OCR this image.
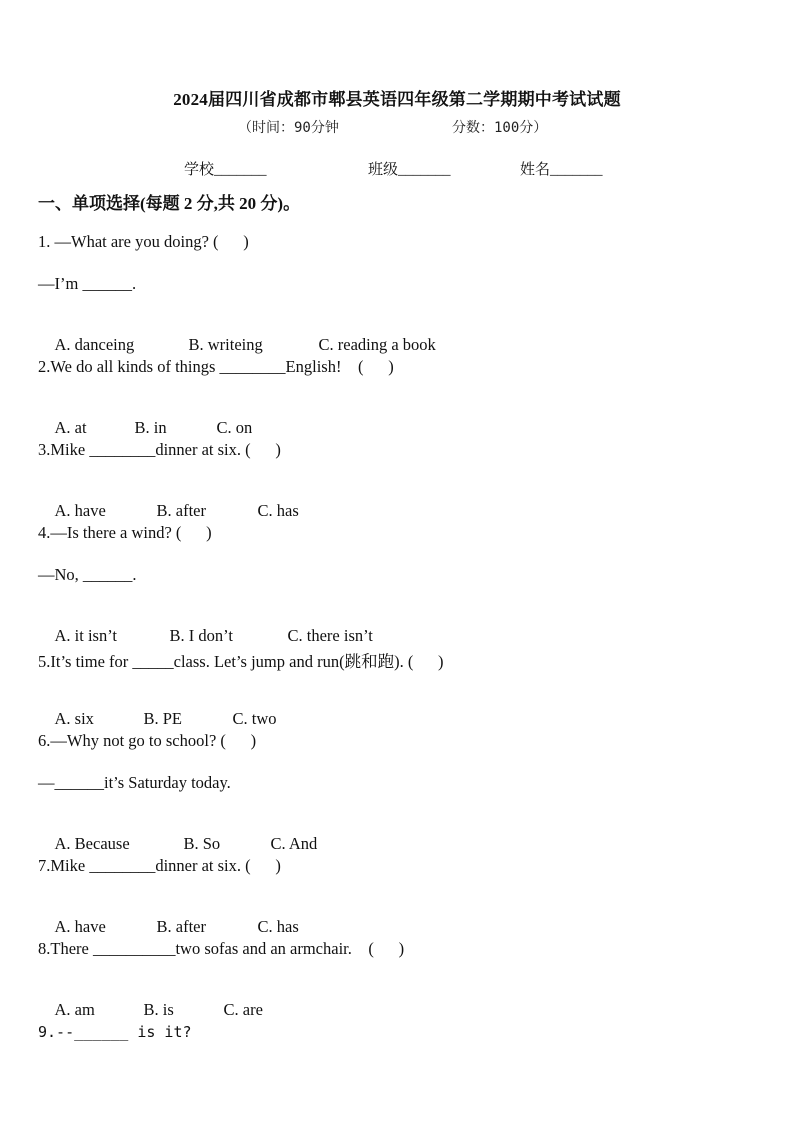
2024届四川省成都市郫县英语四年级第二学期期中考试试题
（时间：90分钟	分数：100分）
学校_______	班级_______	姓名_______
一、单项选择(每题 2 分,共 20 分)。
1. —What are you doing? (      )
—I’m ______.

A. danceing	B. writeing	C. reading a book

2.We do all kinds of things ________English!    (      )

A. at	B. in	C. on

3.Mike ________dinner at six. (      )

A. have	B. after	C. has

4.—Is there a wind? (      )
—No, ______.

A. it isn’t	B. I don’t	C. there isn’t

5.It’s time for _____class. Let’s jump and run(跳和跑). (      )

A. six	B. PE	C. two

6.—Why not go to school? (      )
—______it’s Saturday today.

A. Because	B. So	C. And

7.Mike ________dinner at six. (      )

A. have	B. after	C. has

8.There __________two sofas and an armchair.    (      )

A. am	B. is	C. are

9.--______ is it?
